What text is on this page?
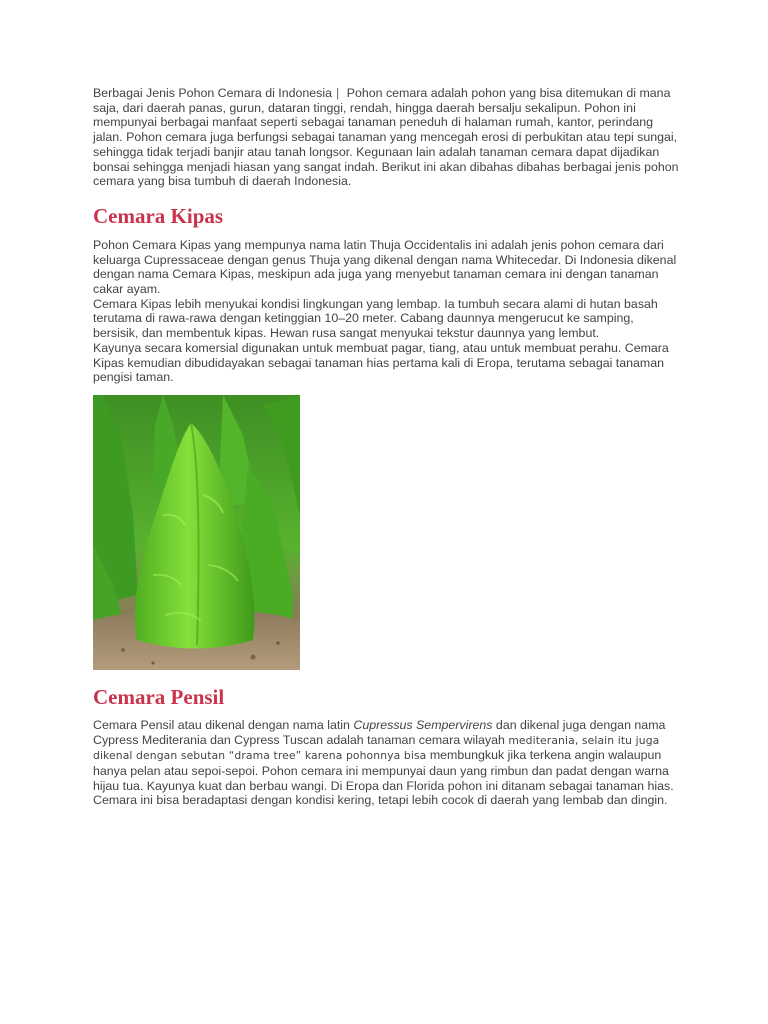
Berbagai Jenis Pohon Cemara di Indonesia | Pohon cemara adalah pohon yang bisa ditemukan di mana saja, dari daerah panas, gurun, dataran tinggi, rendah, hingga daerah bersalju sekalipun. Pohon ini mempunyai berbagai manfaat seperti sebagai tanaman peneduh di halaman rumah, kantor, perindang jalan. Pohon cemara juga berfungsi sebagai tanaman yang mencegah erosi di perbukitan atau tepi sungai, sehingga tidak terjadi banjir atau tanah longsor. Kegunaan lain adalah tanaman cemara dapat dijadikan bonsai sehingga menjadi hiasan yang sangat indah. Berikut ini akan dibahas dibahas berbagai jenis pohon cemara yang bisa tumbuh di daerah Indonesia.

Cemara Kipas

Pohon Cemara Kipas yang mempunya nama latin Thuja Occidentalis ini adalah jenis pohon cemara dari keluarga Cupressaceae dengan genus Thuja yang dikenal dengan nama Whitecedar. Di Indonesia dikenal dengan nama Cemara Kipas, meskipun ada juga yang menyebut tanaman cemara ini dengan tanaman cakar ayam.

Cemara Kipas lebih menyukai kondisi lingkungan yang lembap. Ia tumbuh secara alami di hutan basah terutama di rawa-rawa dengan ketinggian 10–20 meter. Cabang daunnya mengerucut ke samping, bersisik, dan membentuk kipas. Hewan rusa sangat menyukai tekstur daunnya yang lembut.

Kayunya secara komersial digunakan untuk membuat pagar, tiang, atau untuk membuat perahu. Cemara Kipas kemudian dibudidayakan sebagai tanaman hias pertama kali di Eropa, terutama sebagai tanaman pengisi taman.

Cemara Pensil

Cemara Pensil atau dikenal dengan nama latin Cupressus Sempervirens dan dikenal juga dengan nama Cypress Mediterania dan Cypress Tuscan adalah tanaman cemara wilayah mediterania, selain itu juga dikenal dengan sebutan “drama tree” karena pohonnya bisa membungkuk jika terkena angin walaupun hanya pelan atau sepoi-sepoi. Pohon cemara ini mempunyai daun yang rimbun dan padat dengan warna hijau tua. Kayunya kuat dan berbau wangi. Di Eropa dan Florida pohon ini ditanam sebagai tanaman hias. Cemara ini bisa beradaptasi dengan kondisi kering, tetapi lebih cocok di daerah yang lembab dan dingin.
